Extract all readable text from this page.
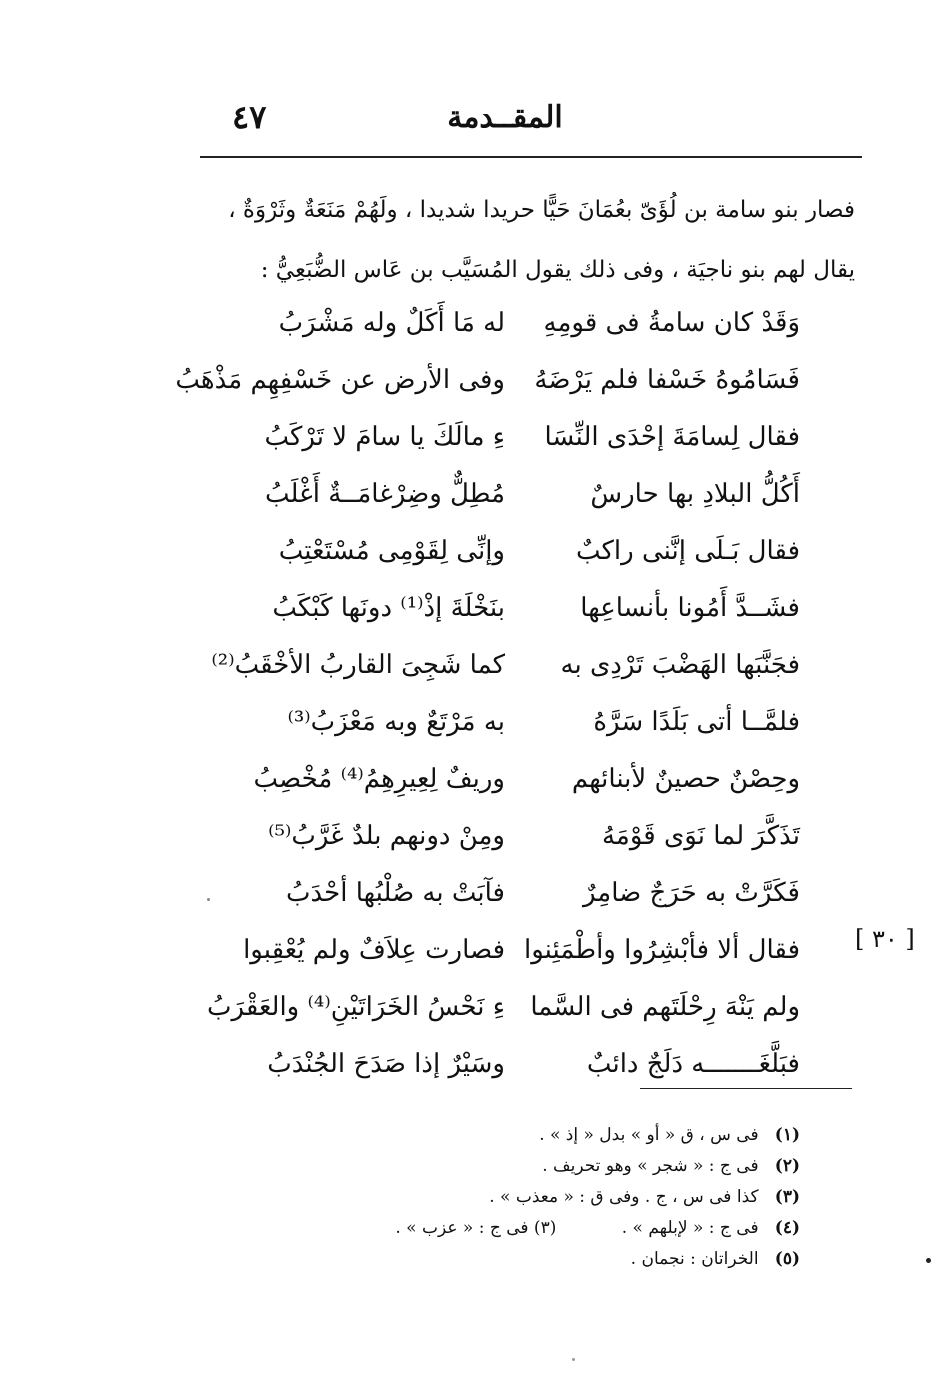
المقــدمة
٤٧
فصار بنو سامة بن لُؤَىّ بعُمَانَ حَيًّا حريدا شديدا ، ولَهُمْ مَنَعَةٌ وثَرْوَةٌ ،
يقال لهم بنو ناجيَة ، وفى ذلك يقول المُسَيَّب بن عَاس الضُّبَعِيُّ :
وَقَدْ كان سامةُ فى قومِهِ
له مَا أَكَلٌ وله مَشْرَبُ
فَسَامُوهُ خَسْفا فلم يَرْضَهُ
وفى الأرض عن خَسْفِهِم مَذْهَبُ
فقال لِسامَةَ إحْدَى النِّسَا
ءِ مالَكَ يا سامَ لا تَرْكَبُ
أَكُلُّ البلادِ بها حارسٌ
مُطِلٌّ وضِرْغامَــةٌ أَغْلَبُ
فقال بَـلَى إنَّنى راكبٌ
وإنِّى لِقَوْمِى مُسْتَعْتِبُ
فشَــدَّ أَمُونا بأنساعِها
بنَخْلَةَ إذْ⁽¹⁾ دونَها كَبْكَبُ
فجَنَّبَها الهَضْبَ تَرْدِى به
كما شَجِىَ القاربُ الأخْقَبُ⁽²⁾
فلمَّــا أتى بَلَدًا سَرَّهُ
به مَرْتَعٌ وبه مَعْزَبُ⁽³⁾
وحِصْنٌ حصينٌ لأبنائهم
وريفٌ لِعِيرِهِمُ⁽⁴⁾ مُخْصِبُ
تَذَكَّرَ لما نَوَى قَوْمَهُ
ومِنْ دونهم بلدٌ غَرَّبُ⁽⁵⁾
فَكَرَّتْ به حَرَجٌ ضامِرٌ
فآبَتْ به صُلْبُها أحْدَبُ
فقال ألا فأبْشِرُوا وأطْمَئِنوا
فصارت عِلاَفٌ ولم يُعْقِبوا
ولم يَنْهَ رِحْلَتَهم فى السَّما
ءِ نَحْسُ الخَرَاتَيْنِ⁽⁴⁾ والعَقْرَبُ
فبَلَّغَـــــــه دَلَجٌ دائبٌ
وسَيْرٌ إذا صَدَحَ الجُنْدَبُ
[ ٣٠ ]
(١) فى س ، ق « أو » بدل « إذ » .
(٢) فى ج : « شجر » وهو تحريف .
(٣) كذا فى س ، ج . وفى ق : « معذب » .
(٤) فى ج : « لإبلهم » . (٣) فى ج : « عزب » .
(٥) الخراتان : نجمان .
